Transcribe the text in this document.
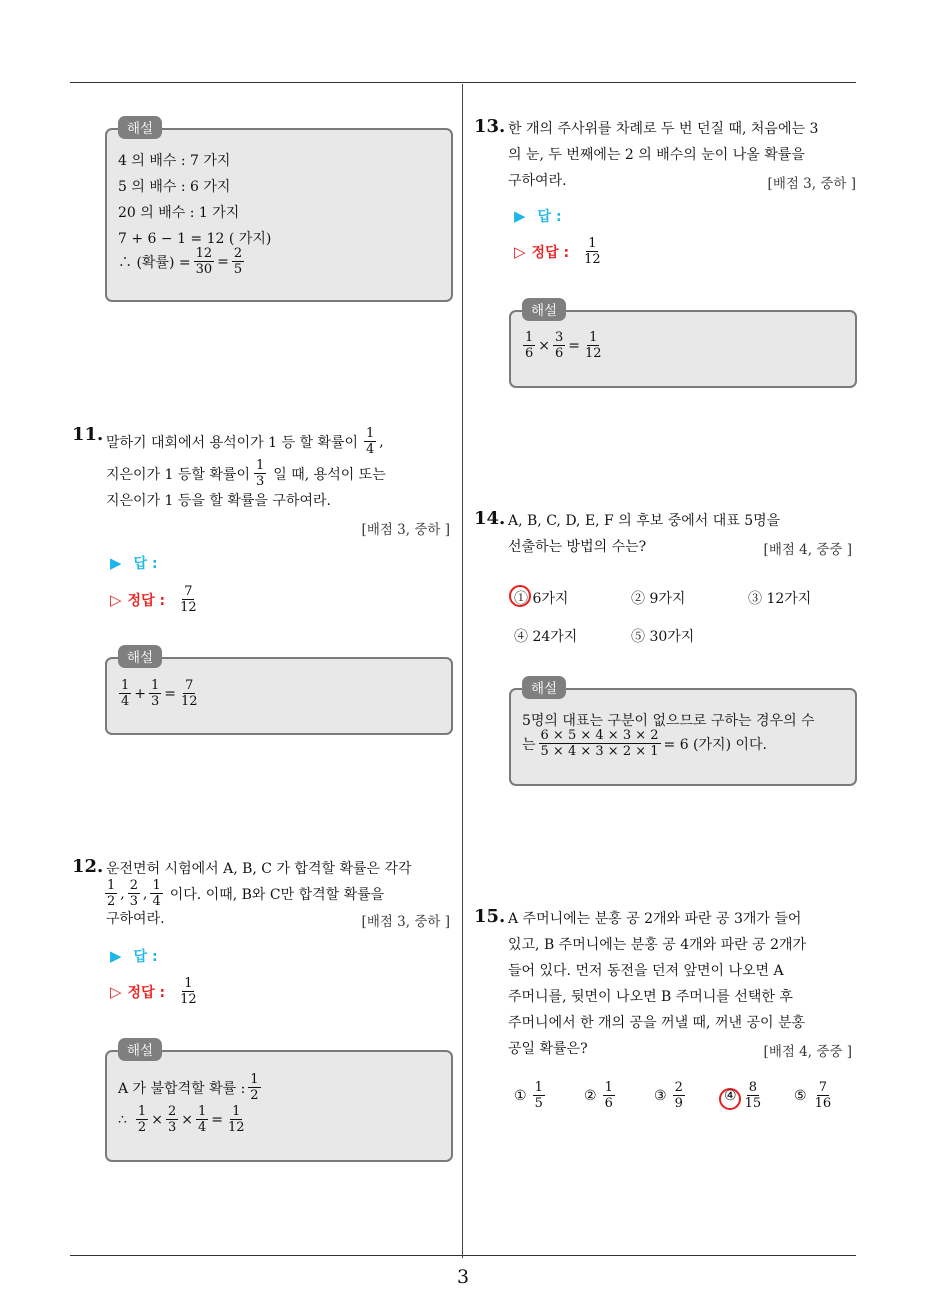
3
해설
4 의 배수 : 7 가지
5 의 배수 : 6 가지
20 의 배수 : 1 가지
7 + 6 − 1 = 12 ( 가지)
∴ (확률) = $\frac{12}{30} = \frac{2}{5}$
11. 말하기 대회에서 용석이가 1 등 할 확률이 $\frac{1}{4}$ ,
지은이가 1 등할 확률이 $\frac{1}{3}$ 일 때, 용석이 또는
지은이가 1 등을 할 확률을 구하여라.
[배점 3, 중하 ]
▶ 답 :
▷ 정답 : $\frac{7}{12}$
해설
$\frac{1}{4} + \frac{1}{3} = \frac{7}{12}$
12. 운전면허 시험에서 A, B, C 가 합격할 확률은 각각
$\frac{1}{2}$ , $\frac{2}{3}$ , $\frac{1}{4}$ 이다. 이때, B와 C만 합격할 확률을
구하여라.	[배점 3, 중하 ]
▶ 답 :
▷ 정답 : $\frac{1}{12}$
해설
A 가 불합격할 확률 : $\frac{1}{2}$
∴ $\frac{1}{2} \times \frac{2}{3} \times \frac{1}{4} = \frac{1}{12}$
13. 한 개의 주사위를 차례로 두 번 던질 때, 처음에는 3
의 눈, 두 번째에는 2 의 배수의 눈이 나올 확률을
구하여라.	[배점 3, 중하 ]
▶ 답 :
▷ 정답 : $\frac{1}{12}$
해설
$\frac{1}{6} \times \frac{3}{6} = \frac{1}{12}$
14. A, B, C, D, E, F 의 후보 중에서 대표 5명을
선출하는 방법의 수는?	[배점 4, 중중 ]
① 6가지	② 9가지	③ 12가지
④ 24가지	⑤ 30가지
해설
5명의 대표는 구분이 없으므로 구하는 경우의 수
는 $\frac{6 \times 5 \times 4 \times 3 \times 2}{5 \times 4 \times 3 \times 2 \times 1} = 6$ (가지) 이다.
15. A 주머니에는 분홍 공 2개와 파란 공 3개가 들어
있고, B 주머니에는 분홍 공 4개와 파란 공 2개가
들어 있다. 먼저 동전을 던져 앞면이 나오면 A
주머니를, 뒷면이 나오면 B 주머니를 선택한 후
주머니에서 한 개의 공을 꺼낼 때, 꺼낸 공이 분홍
공일 확률은?	[배점 4, 중중 ]
① $\frac{1}{5}$	② $\frac{1}{6}$	③ $\frac{2}{9}$	④ $\frac{8}{15}$ ⑤ $\frac{7}{16}$
